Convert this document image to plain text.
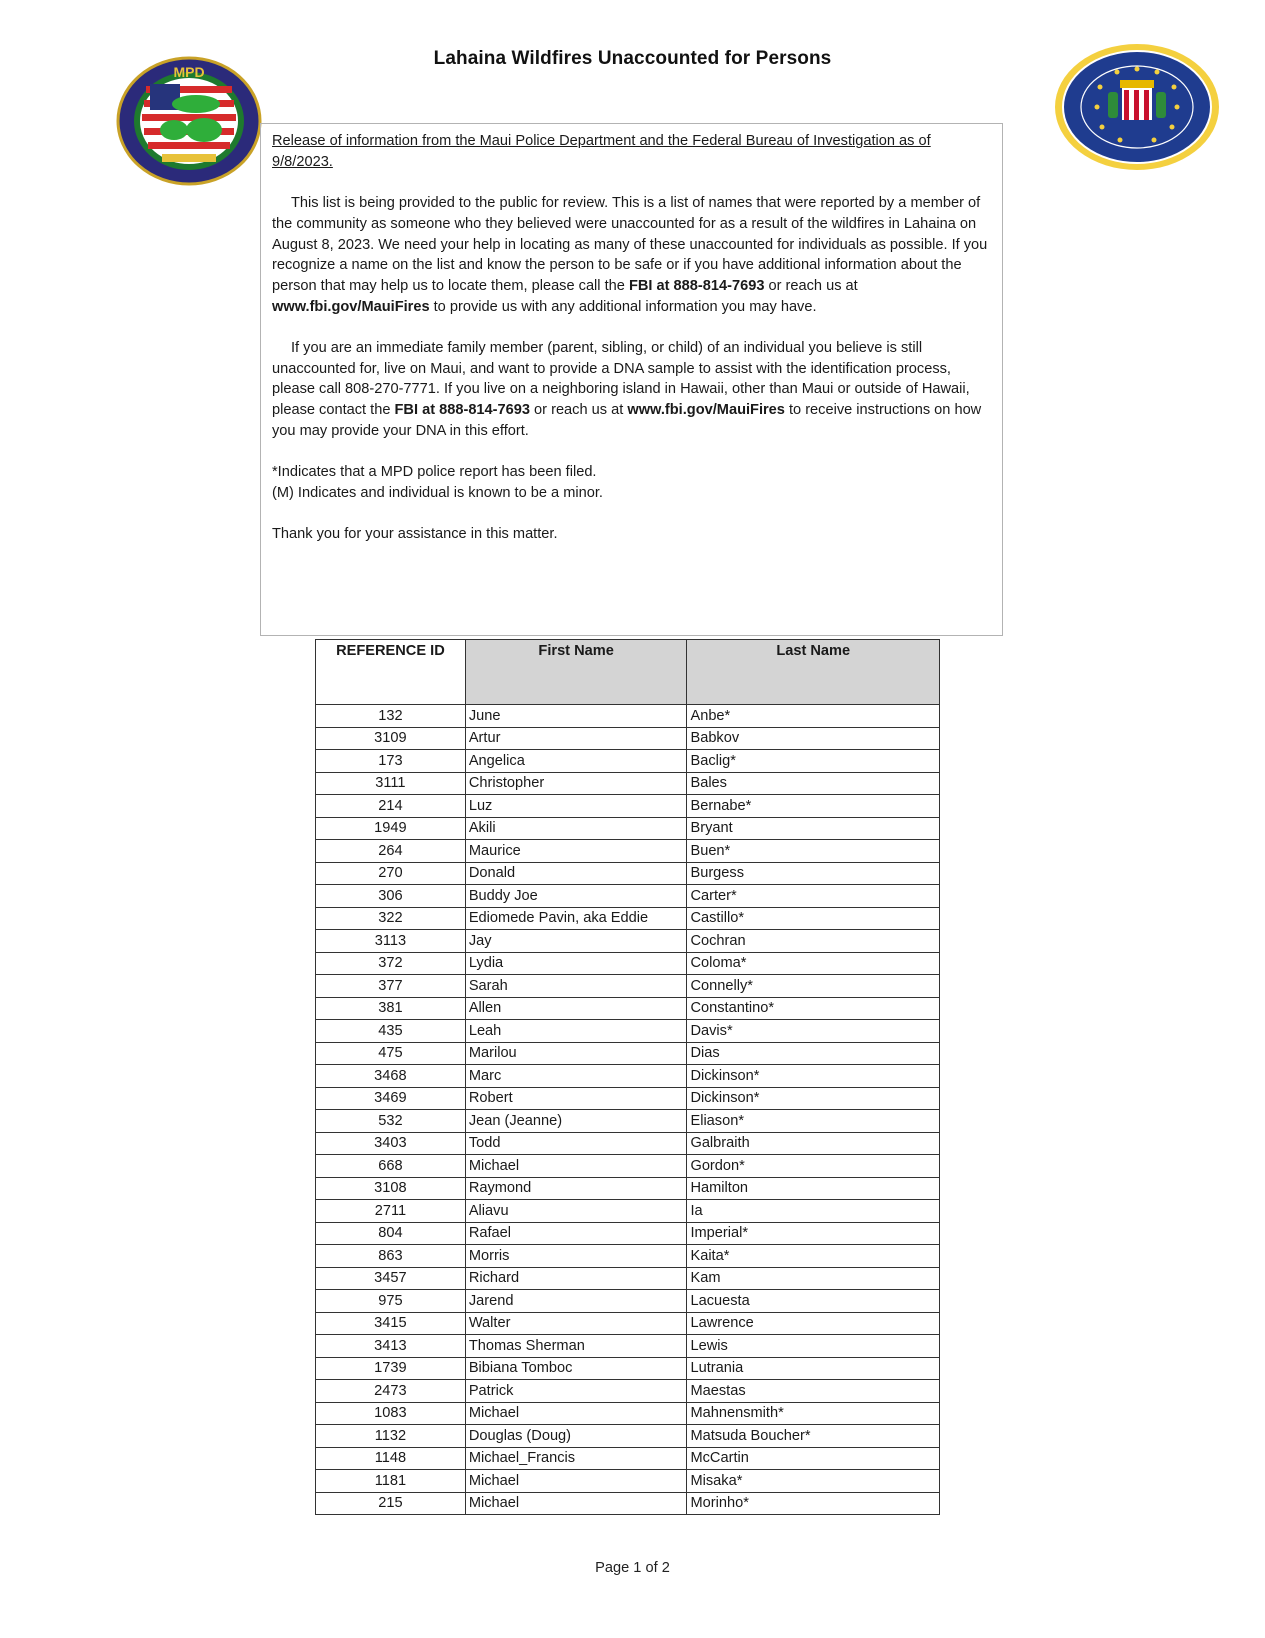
Lahaina Wildfires Unaccounted for Persons
MPD

Release of information from the Maui Police Department and the Federal Bureau of Investigation as of 9/8/2023.

This list is being provided to the public for review. This is a list of names that were reported by a member of the community as someone who they believed were unaccounted for as a result of the wildfires in Lahaina on August 8, 2023. We need your help in locating as many of these unaccounted for individuals as possible. If you recognize a name on the list and know the person to be safe or if you have additional information about the person that may help us to locate them, please call the FBI at 888-814-7693 or reach us at www.fbi.gov/MauiFires to provide us with any additional information you may have.

If you are an immediate family member (parent, sibling, or child) of an individual you believe is still unaccounted for, live on Maui, and want to provide a DNA sample to assist with the identification process, please call 808-270-7771. If you live on a neighboring island in Hawaii, other than Maui or outside of Hawaii, please contact the FBI at 888-814-7693 or reach us at www.fbi.gov/MauiFires to receive instructions on how you may provide your DNA in this effort.

*Indicates that a MPD police report has been filed.

(M) Indicates and individual is known to be a minor.

Thank you for your assistance in this matter.

REFERENCE ID	First Name	Last Name
132	June	Anbe*
3109	Artur	Babkov
173	Angelica	Baclig*
3111	Christopher	Bales
214	Luz	Bernabe*
1949	Akili	Bryant
264	Maurice	Buen*
270	Donald	Burgess
306	Buddy Joe	Carter*
322	Ediomede Pavin, aka Eddie	Castillo*
3113	Jay	Cochran
372	Lydia	Coloma*
377	Sarah	Connelly*
381	Allen	Constantino*
435	Leah	Davis*
475	Marilou	Dias
3468	Marc	Dickinson*
3469	Robert	Dickinson*
532	Jean (Jeanne)	Eliason*
3403	Todd	Galbraith
668	Michael	Gordon*
3108	Raymond	Hamilton
2711	Aliavu	Ia
804	Rafael	Imperial*
863	Morris	Kaita*
3457	Richard	Kam
975	Jarend	Lacuesta
3415	Walter	Lawrence
3413	Thomas Sherman	Lewis
1739	Bibiana Tomboc	Lutrania
2473	Patrick	Maestas
1083	Michael	Mahnensmith*
1132	Douglas (Doug)	Matsuda Boucher*
1148	Michael_Francis	McCartin
1181	Michael	Misaka*
215	Michael	Morinho*
Page 1 of 2
